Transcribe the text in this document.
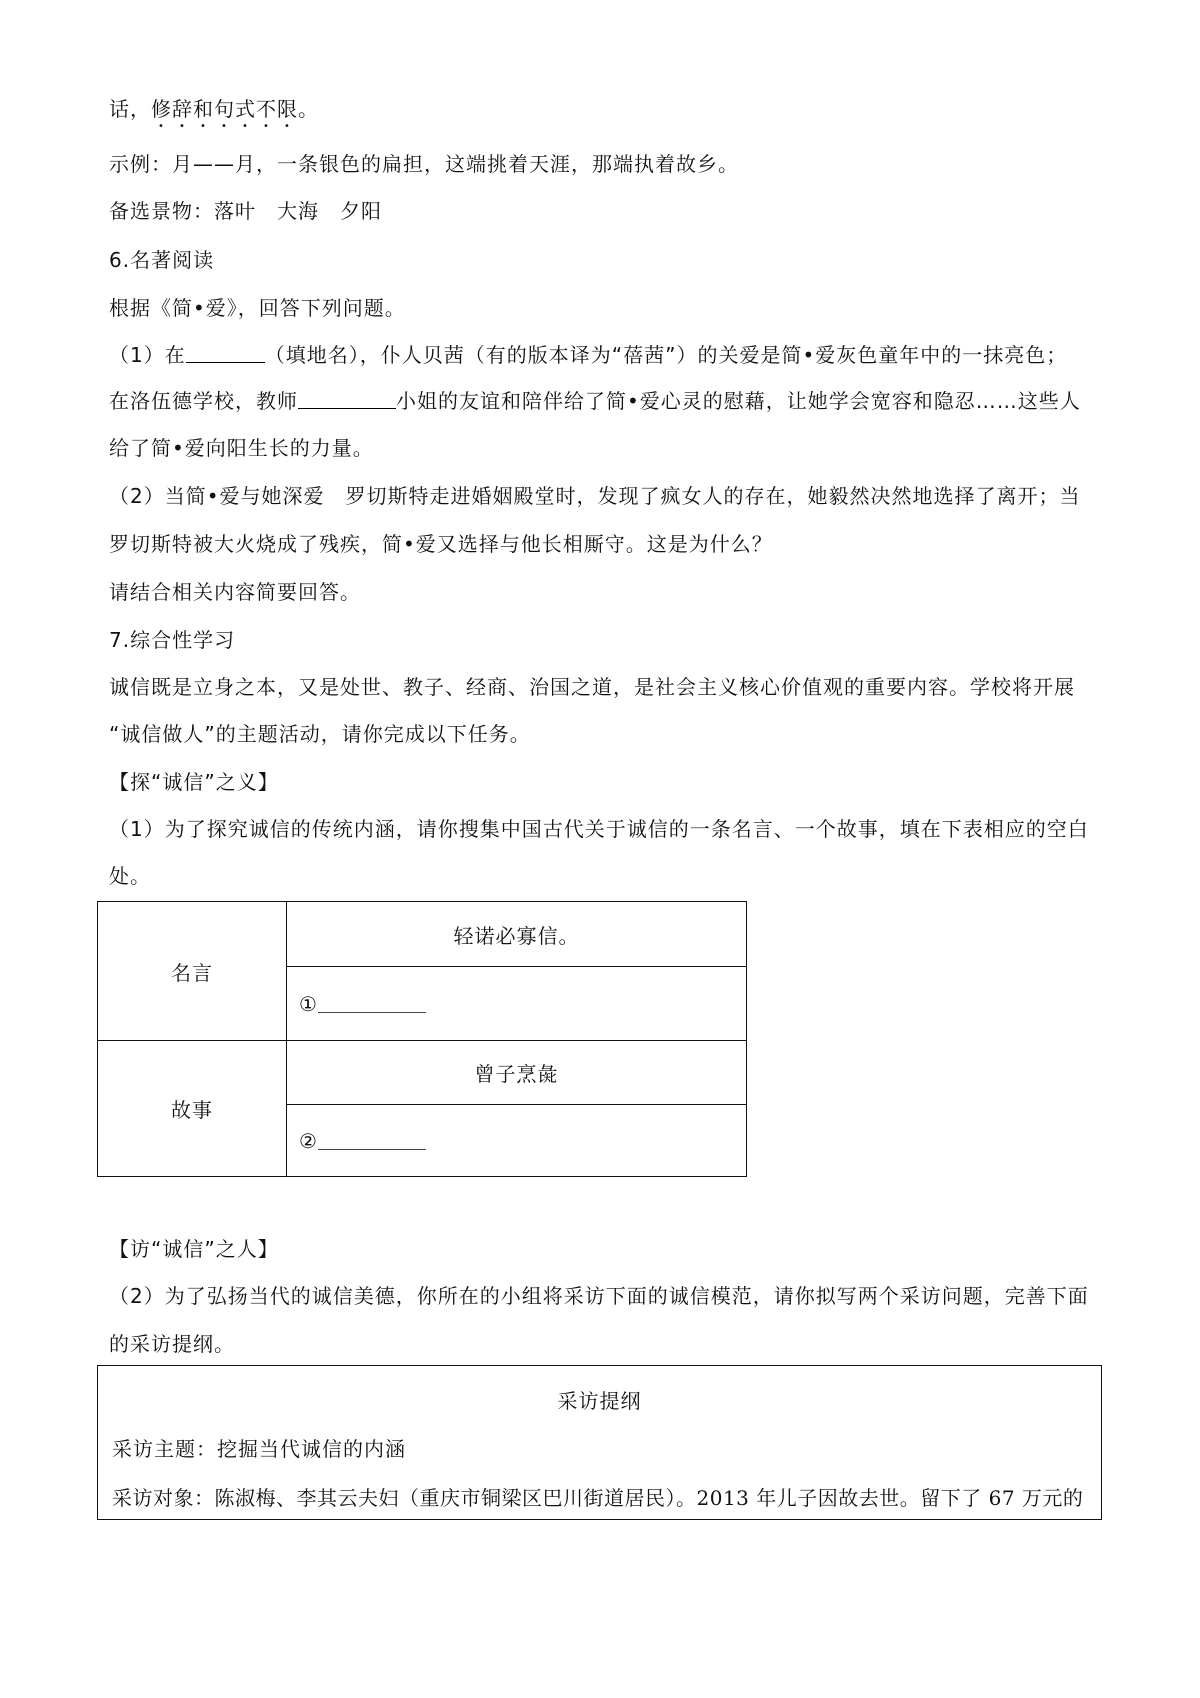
话，修辞和句式不限。
示例：月——月，一条银色的扁担，这端挑着天涯，那端执着故乡。
备选景物：落叶　大海　夕阳
6.名著阅读
根据《简•爱》，回答下列问题。
（1）在	（填地名），仆人贝茜（有的版本译为“蓓茜”）的关爱是简•爱灰色童年中的一抹亮色；
在洛伍德学校，教师	小姐的友谊和陪伴给了简•爱心灵的慰藉，让她学会宽容和隐忍……这些人
给了简•爱向阳生长的力量。
（2）当简•爱与她深爱　罗切斯特走进婚姻殿堂时，发现了疯女人的存在，她毅然决然地选择了离开；当
罗切斯特被大火烧成了残疾，简•爱又选择与他长相厮守。这是为什么？
请结合相关内容简要回答。
7.综合性学习
诚信既是立身之本，又是处世、教子、经商、治国之道，是社会主义核心价值观的重要内容。学校将开展
“诚信做人”的主题活动，请你完成以下任务。
【探“诚信”之义】
（1）为了探究诚信的传统内涵，请你搜集中国古代关于诚信的一条名言、一个故事，填在下表相应的空白
处。
名言	轻诺必寡信。
	①
故事	曾子烹彘
	②
【访“诚信”之人】
（2）为了弘扬当代的诚信美德，你所在的小组将采访下面的诚信模范，请你拟写两个采访问题，完善下面
的采访提纲。
采访提纲
采访主题：挖掘当代诚信的内涵
采访对象：陈淑梅、李其云夫妇（重庆市铜梁区巴川街道居民）。2013 年儿子因故去世。留下了 67 万元的
